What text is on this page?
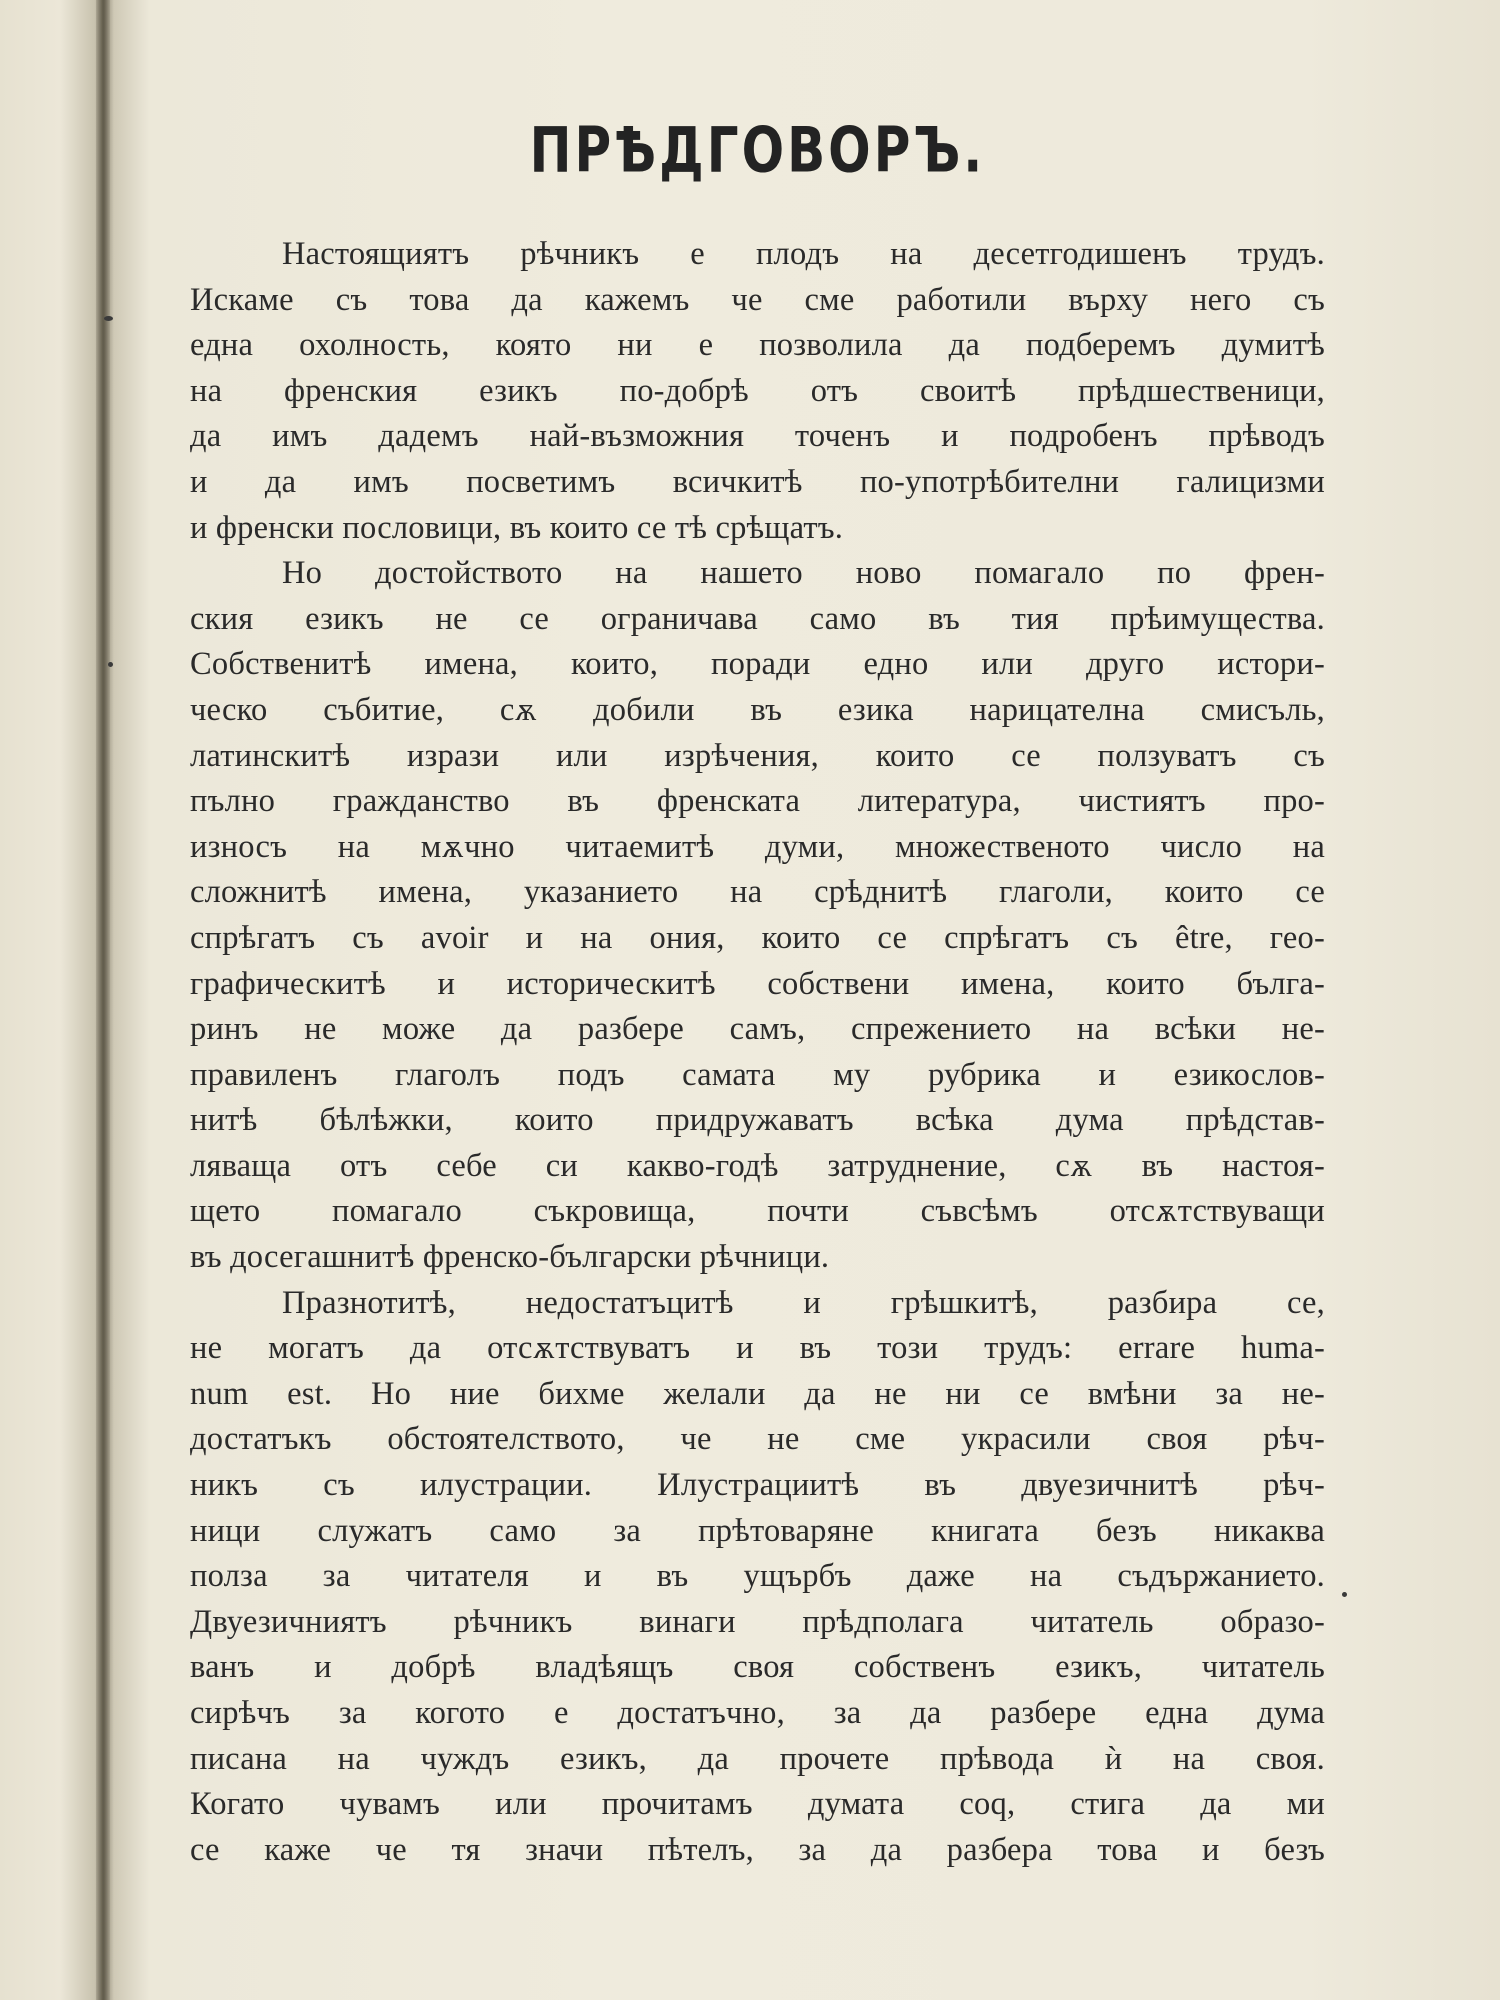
ПРѢДГОВОРЪ.
Настоящиятъ рѣчникъ е плодъ на десетгодишенъ трудъ.
Искаме съ това да кажемъ че сме работили върху него съ
една охолность, която ни е позволила да подберемъ думитѣ
на френския езикъ по-добрѣ отъ своитѣ прѣдшественици,
да имъ дадемъ най-възможния точенъ и подробенъ прѣводъ
и да имъ посветимъ всичкитѣ по-употрѣбителни галицизми
и френски пословици, въ които се тѣ срѣщатъ.
Но достойството на нашето ново помагало по френ-
ския езикъ не се ограничава само въ тия прѣимущества.
Собственитѣ имена, които, поради едно или друго истори-
ческо събитие, сѫ добили въ езика нарицателна смисъль,
латинскитѣ изрази или изрѣчения, които се ползуватъ съ
пълно гражданство въ френската литература, чистиятъ про-
износъ на мѫчно читаемитѣ думи, множественото число на
сложнитѣ имена, указанието на срѣднитѣ глаголи, които се
спрѣгатъ съ avoir и на ония, които се спрѣгатъ съ être, гео-
графическитѣ и историческитѣ собствени имена, които бълга-
ринъ не може да разбере самъ, спрежението на всѣки не-
правиленъ глаголъ подъ самата му рубрика и езикослов-
нитѣ бѣлѣжки, които придружаватъ всѣка дума прѣдстав-
ляваща отъ себе си какво-годѣ затруднение, сѫ въ настоя-
щето помагало съкровища, почти съвсѣмъ отсѫтствуващи
въ досегашнитѣ френско-български рѣчници.
Празнотитѣ, недостатъцитѣ и грѣшкитѣ, разбира се,
не могатъ да отсѫтствуватъ и въ този трудъ: errare huma-
num est. Но ние бихме желали да не ни се вмѣни за не-
достатъкъ обстоятелството, че не сме украсили своя рѣч-
никъ съ илустрации. Илустрациитѣ въ двуезичнитѣ рѣч-
ници служатъ само за прѣтоваряне книгата безъ никаква
полза за читателя и въ ущърбъ даже на съдържанието.
Двуезичниятъ рѣчникъ винаги прѣдполага читатель образо-
ванъ и добрѣ владѣящъ своя собственъ езикъ, читатель
сирѣчъ за когото е достатъчно, за да разбере една дума
писана на чуждъ езикъ, да прочете прѣвода ѝ на своя.
Когато чувамъ или прочитамъ думата coq, стига да ми
се каже че тя значи пѣтелъ, за да разбера това и безъ
